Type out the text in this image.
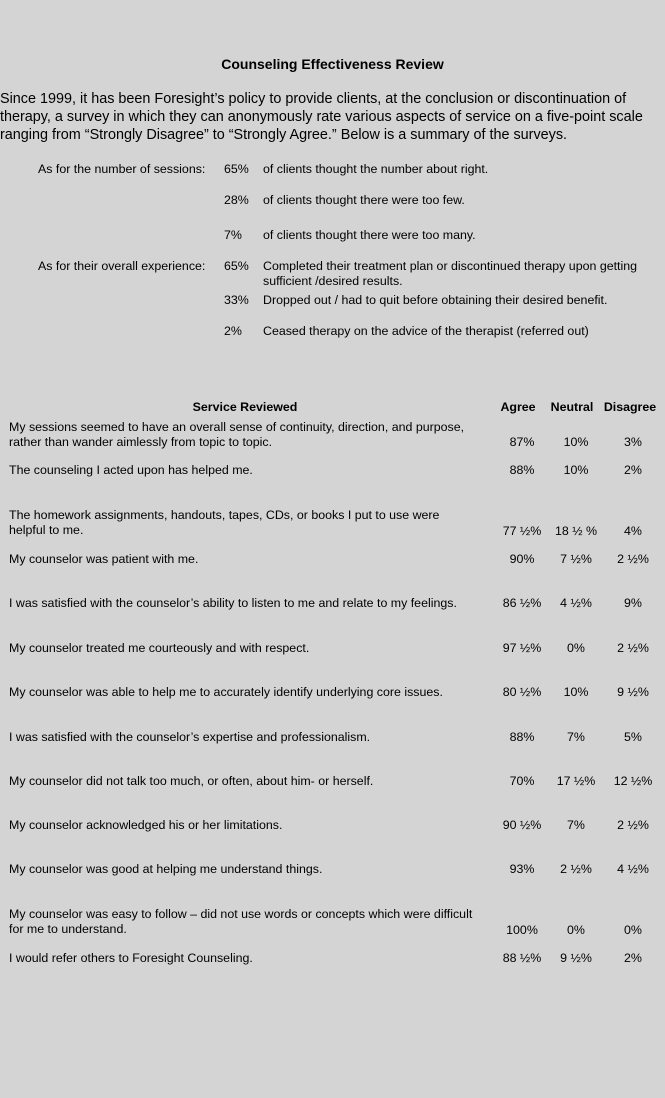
Counseling Effectiveness Review
Since 1999, it has been Foresight’s policy to provide clients, at the conclusion or discontinuation of therapy, a survey in which they can anonymously rate various aspects of service on a five-point scale ranging from “Strongly Disagree” to “Strongly Agree.” Below is a summary of the surveys.
As for the number of sessions: 65% of clients thought the number about right.
28% of clients thought there were too few.
7% of clients thought there were too many.
As for their overall experience: 65% Completed their treatment plan or discontinued therapy upon getting sufficient /desired results.
33% Dropped out / had to quit before obtaining their desired benefit.
2% Ceased therapy on the advice of the therapist (referred out)
Service Reviewed	Agree	Neutral Disagree
My sessions seemed to have an overall sense of continuity, direction, and purpose, rather than wander aimlessly from topic to topic.	87%	10%	3%
The counseling I acted upon has helped me.	88%	10%	2%
The homework assignments, handouts, tapes, CDs, or books I put to use were helpful to me.	77 ½%	18 ½ %	4%
My counselor was patient with me.	90%	7 ½%	2 ½%
I was satisfied with the counselor’s ability to listen to me and relate to my feelings.	86 ½%	4 ½%	9%
My counselor treated me courteously and with respect.	97 ½%	0%	2 ½%
My counselor was able to help me to accurately identify underlying core issues.	80 ½%	10%	9 ½%
I was satisfied with the counselor’s expertise and professionalism.	88%	7%	5%
My counselor did not talk too much, or often, about him- or herself.	70%	17 ½%	12 ½%
My counselor acknowledged his or her limitations.	90 ½%	7%	2 ½%
My counselor was good at helping me understand things.	93%	2 ½%	4 ½%
My counselor was easy to follow – did not use words or concepts which were difficult for me to understand.	100%	0%	0%
I would refer others to Foresight Counseling.	88 ½%	9 ½%	2%
